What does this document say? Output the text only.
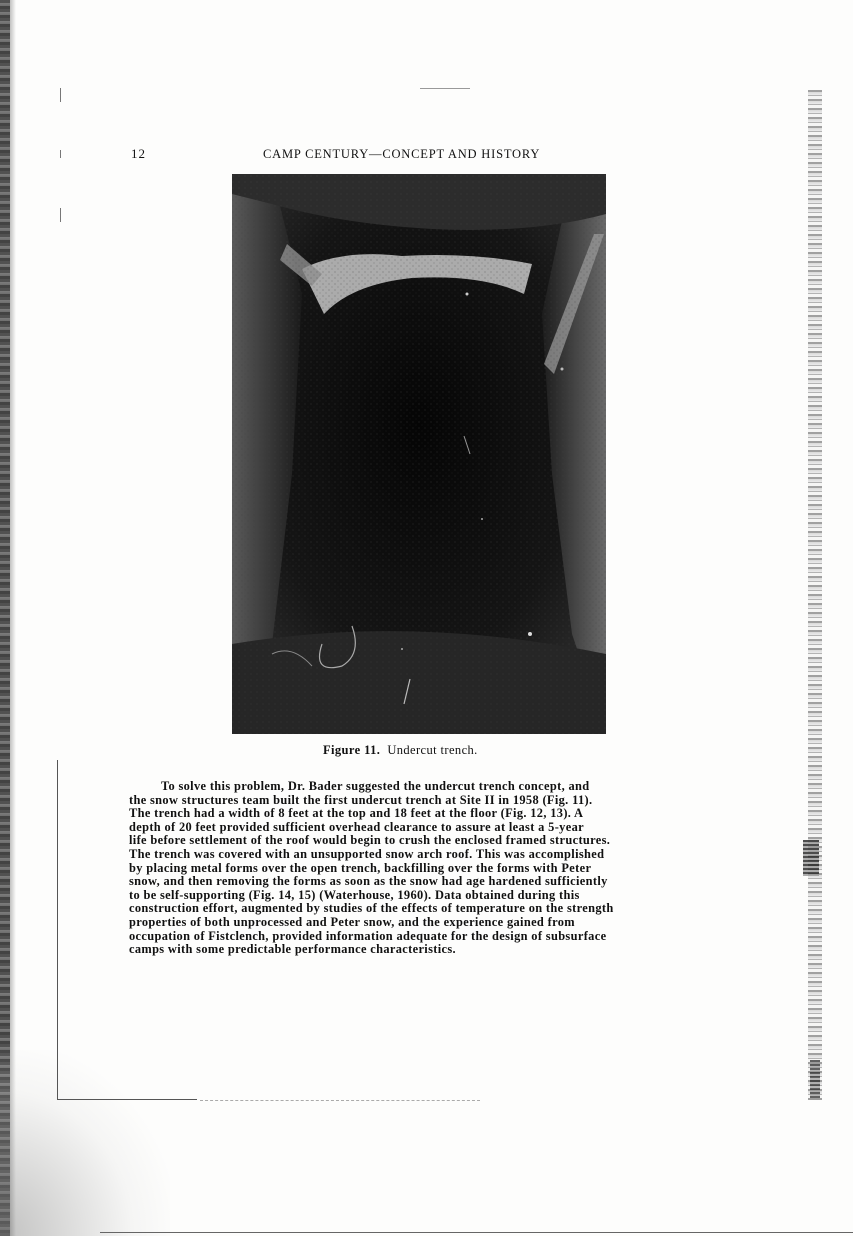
12	CAMP CENTURY—CONCEPT AND HISTORY
Figure 11. Undercut trench.
To solve this problem, Dr. Bader suggested the undercut trench concept, and
the snow structures team built the first undercut trench at Site II in 1958 (Fig. 11).
The trench had a width of 8 feet at the top and 18 feet at the floor (Fig. 12, 13). A
depth of 20 feet provided sufficient overhead clearance to assure at least a 5-year
life before settlement of the roof would begin to crush the enclosed framed structures.
The trench was covered with an unsupported snow arch roof. This was accomplished
by placing metal forms over the open trench, backfilling over the forms with Peter
snow, and then removing the forms as soon as the snow had age hardened sufficiently
to be self-supporting (Fig. 14, 15) (Waterhouse, 1960). Data obtained during this
construction effort, augmented by studies of the effects of temperature on the strength
properties of both unprocessed and Peter snow, and the experience gained from
occupation of Fistclench, provided information adequate for the design of subsurface
camps with some predictable performance characteristics.
